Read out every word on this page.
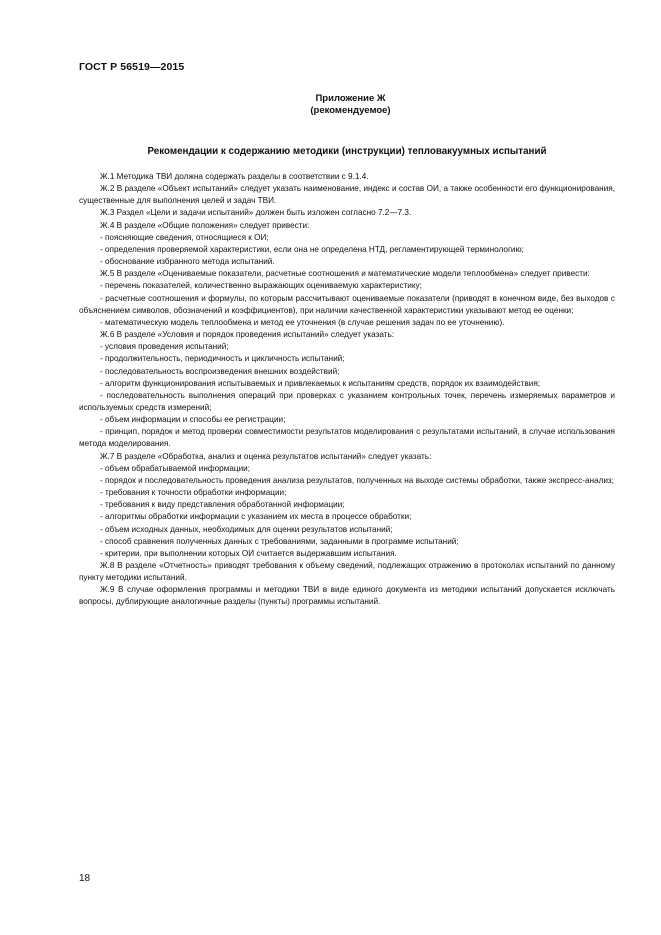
ГОСТ Р 56519—2015
Приложение Ж
(рекомендуемое)
Рекомендации к содержанию методики (инструкции) тепловакуумных испытаний

Ж.1 Методика ТВИ должна содержать разделы в соответствии с 9.1.4.

Ж.2 В разделе «Объект испытаний» следует указать наименование, индекс и состав ОИ, а также особенности его функционирования, существенные для выполнения целей и задач ТВИ.

Ж.3 Раздел «Цели и задачи испытаний» должен быть изложен согласно 7.2—7.3.

Ж.4 В разделе «Общие положения» следует привести:

- поясняющие сведения, относящиеся к ОИ;

- определения проверяемой характеристики, если она не определена НТД, регламентирующей терминологию;

- обоснование избранного метода испытаний.

Ж.5 В разделе «Оцениваемые показатели, расчетные соотношения и математические модели теплообмена» следует привести:

- перечень показателей, количественно выражающих оцениваемую характеристику;

- расчетные соотношения и формулы, по которым рассчитывают оцениваемые показатели (приводят в конечном виде, без выходов с объяснением символов, обозначений и коэффициентов), при наличии качественной характеристики указывают метод ее оценки;

- математическую модель теплообмена и метод ее уточнения (в случае решения задач по ее уточнению).

Ж.6 В разделе «Условия и порядок проведения испытаний» следует указать:

- условия проведения испытаний;

- продолжительность, периодичность и цикличность испытаний;

- последовательность воспроизведения внешних воздействий;

- алгоритм функционирования испытываемых и привлекаемых к испытаниям средств, порядок их взаимодействия;

- последовательность выполнения операций при проверках с указанием контрольных точек, перечень измеряемых параметров и используемых средств измерений;

- объем информации и способы ее регистрации;

- принцип, порядок и метод проверки совместимости результатов моделирования с результатами испытаний, в случае использования метода моделирования.

Ж.7 В разделе «Обработка, анализ и оценка результатов испытаний» следует указать:

- объем обрабатываемой информации;

- порядок и последовательность проведения анализа результатов, полученных на выходе системы обработки, также экспресс-анализ;

- требования к точности обработки информации;

- требования к виду представления обработанной информации;

- алгоритмы обработки информации с указанием их места в процессе обработки;

- объем исходных данных, необходимых для оценки результатов испытаний;

- способ сравнения полученных данных с требованиями, заданными в программе испытаний;

- критерии, при выполнении которых ОИ считается выдержавшим испытания.

Ж.8 В разделе «Отчетность» приводят требования к объему сведений, подлежащих отражению в протоколах испытаний по данному пункту методики испытаний.

Ж.9 В случае оформления программы и методики ТВИ в виде единого документа из методики испытаний допускается исключать вопросы, дублирующие аналогичные разделы (пункты) программы испытаний.

18
